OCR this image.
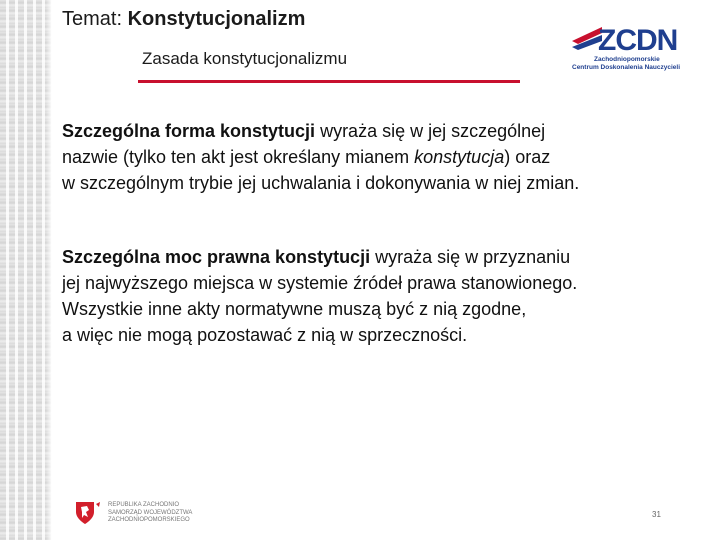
Temat: Konstytucjonalizm
Zasada konstytucjonalizmu
ZCDN
Zachodniopomorskie
Centrum Doskonalenia Nauczycieli

Szczególna forma konstytucji wyraża się w jej szczególnej

nazwie (tylko ten akt jest określany mianem konstytucja) oraz

w szczególnym trybie jej uchwalania i dokonywania w niej zmian.

Szczególna moc prawna konstytucji wyraża się w przyznaniu

jej najwyższego miejsca w systemie źródeł prawa stanowionego.

Wszystkie inne akty normatywne muszą być z nią zgodne,

a więc nie mogą pozostawać z nią w sprzeczności.

REPUBLIKA ZACHODNIO
SAMORZĄD WOJEWÓDZTWA
ZACHODNIOPOMORSKIEGO
31
